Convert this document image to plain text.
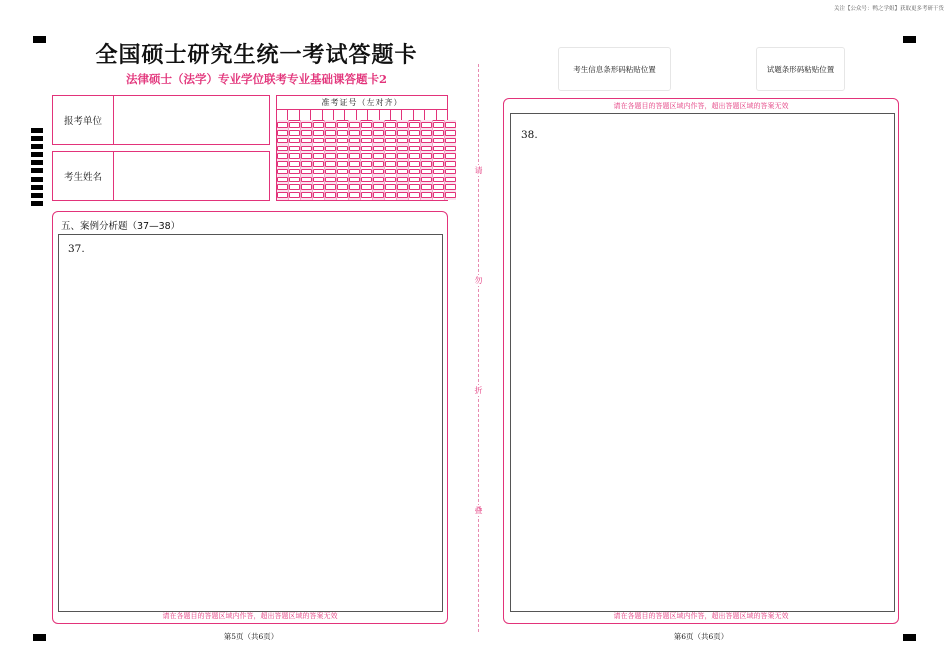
关注【公众号：鸭之学姐】获取更多考研干货
全国硕士研究生统一考试答题卡
法律硕士（法学）专业学位联考专业基础课答题卡2
报考单位
考生姓名
准考证号（左对齐）
五、案例分析题（37—38）
37.
请在各题目的答题区域内作答，超出答题区域的答案无效
第5页（共6页）
请
勿
折
叠
考生信息条形码粘贴位置	试题条形码粘贴位置
请在各题目的答题区域内作答，超出答题区域的答案无效
38.
请在各题目的答题区域内作答，超出答题区域的答案无效
第6页（共6页）
